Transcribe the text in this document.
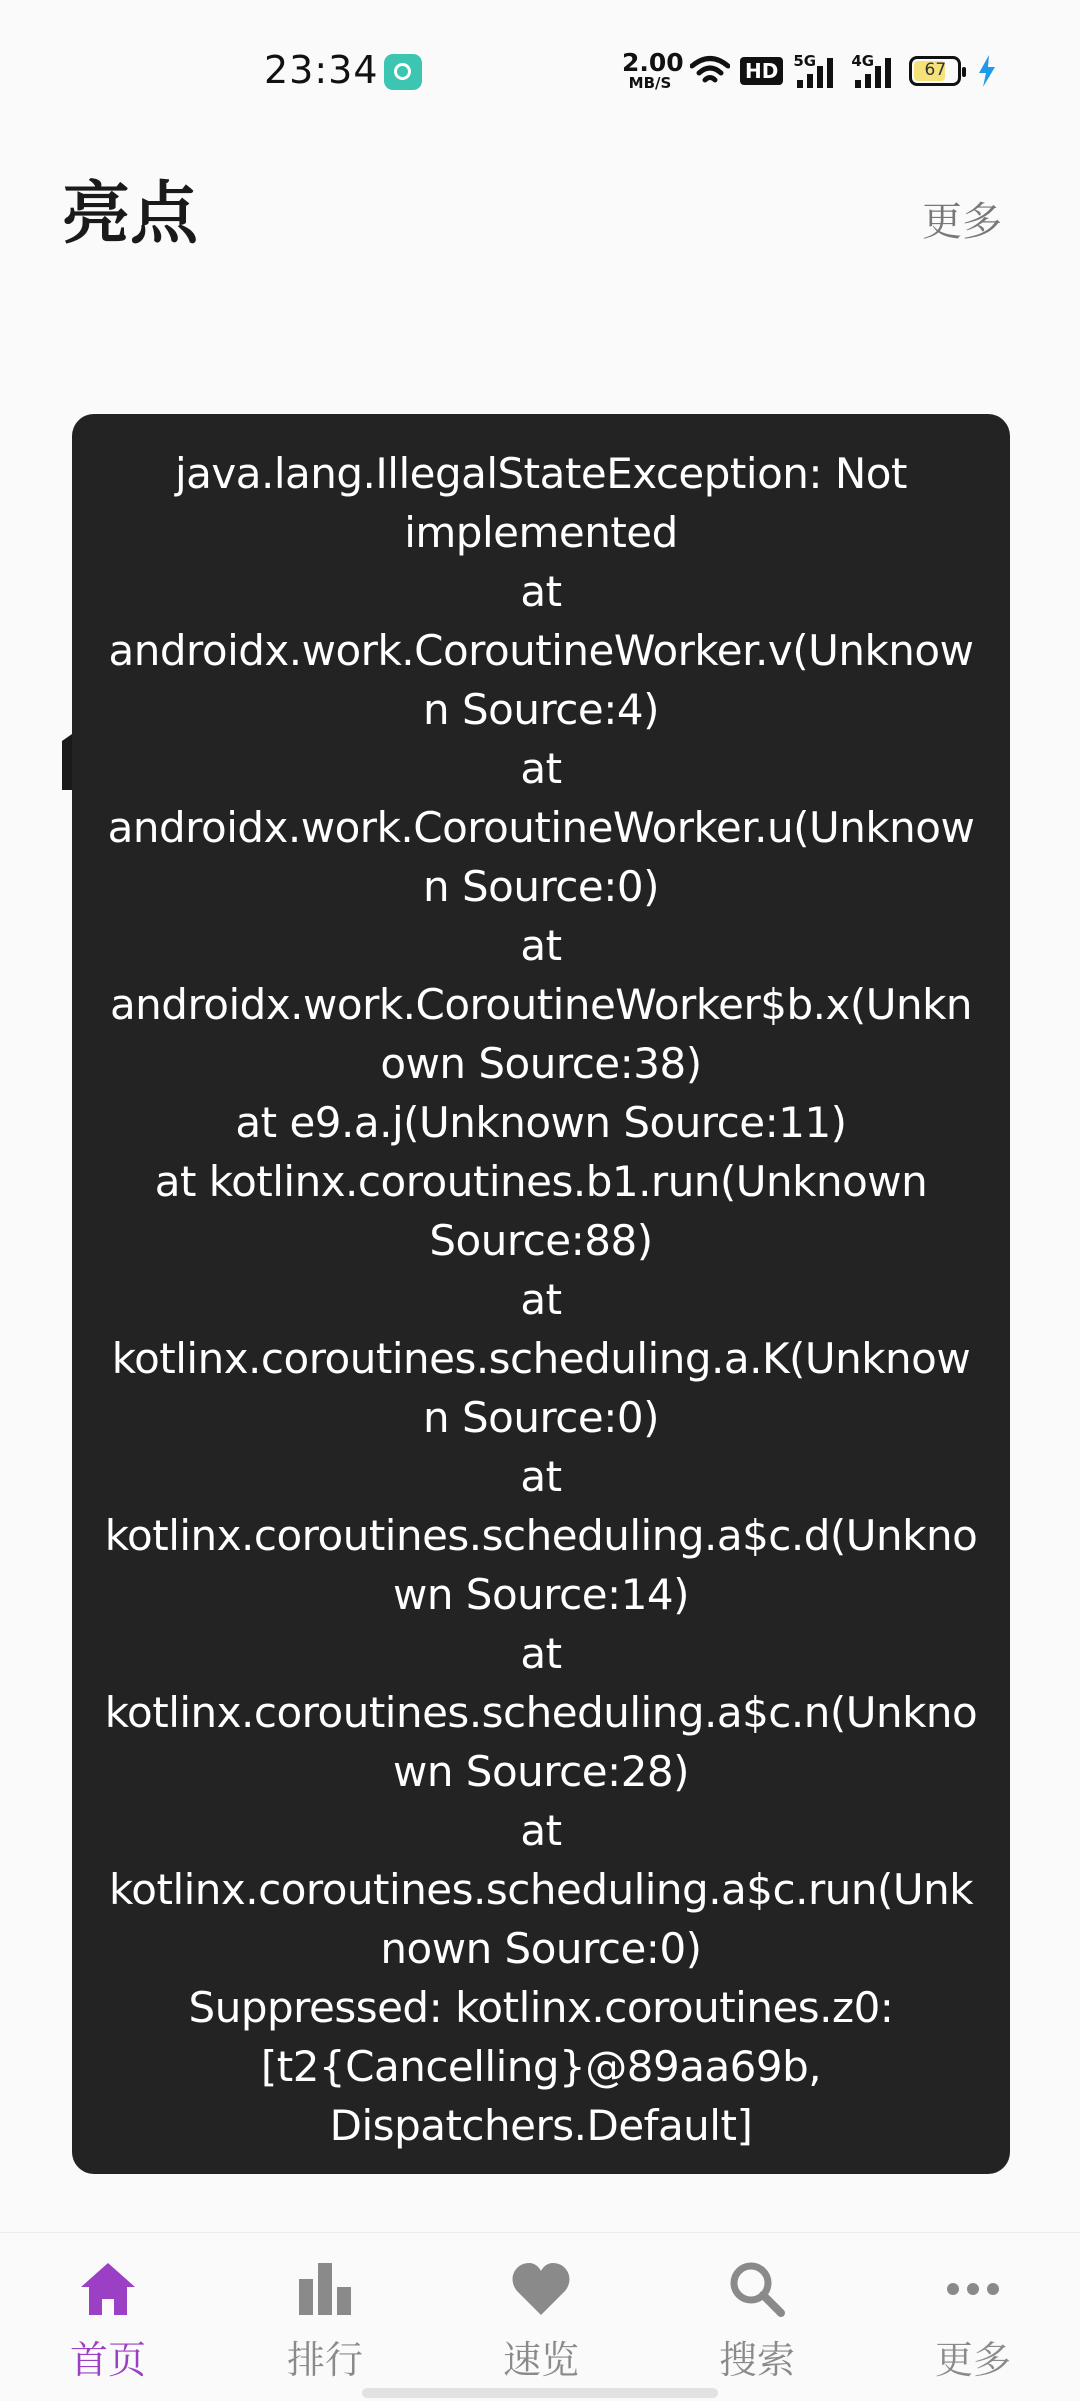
23:34	2.00
MB/S	HD	5G 4G	67
亮点	更多
java.lang.IllegalStateException: Not
implemented
at
androidx.work.CoroutineWorker.v(Unknow
n Source:4)
at
androidx.work.CoroutineWorker.u(Unknow
n Source:0)
at
androidx.work.CoroutineWorker$b.x(Unkn
own Source:38)
at e9.a.j(Unknown Source:11)
at kotlinx.coroutines.b1.run(Unknown
Source:88)
at
kotlinx.coroutines.scheduling.a.K(Unknow
n Source:0)
at
kotlinx.coroutines.scheduling.a$c.d(Unkno
wn Source:14)
at
kotlinx.coroutines.scheduling.a$c.n(Unkno
wn Source:28)
at
kotlinx.coroutines.scheduling.a$c.run(Unk
nown Source:0)
Suppressed: kotlinx.coroutines.z0:
[t2{Cancelling}@89aa69b,
Dispatchers.Default]
首页	排行	速览	搜索	更多
